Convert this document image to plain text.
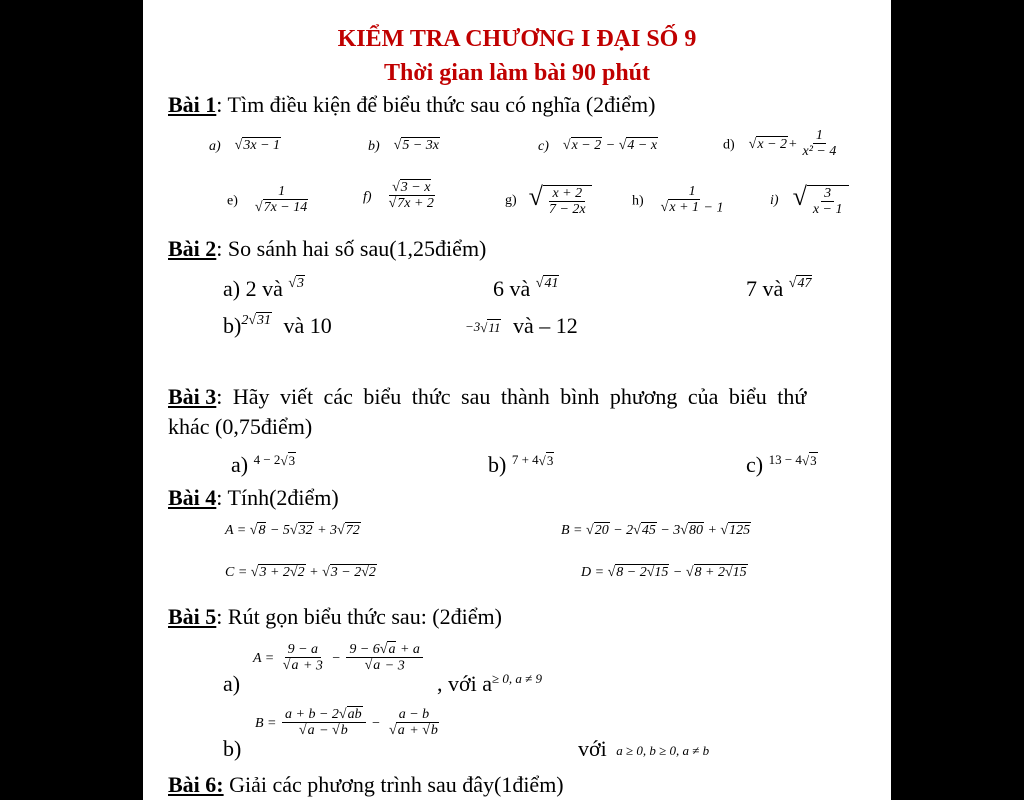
KIỂM TRA CHƯƠNG I ĐẠI SỐ 9
Thời gian làm bài 90 phút
Bài 1: Tìm điều kiện để biểu thức sau có nghĩa (2điểm)
a) √3x − 1	b) √5 − 3x	c) √x − 2 − √4 − x	d) $√x - 2+ \frac{1}{\text{x² − 4}}$
$e) \frac{1}{√7x - 14}$	$f) \frac{√3 - x}{√7x + 2}$	g) √ $\frac{x + 2}{7 - 2x}$	$h) \frac{1}{√x + 1 - 1}$	i) √ $\frac{3}{x - 1}$
Bài 2: So sánh hai số sau(1,25điểm)
a) 2 và √3	6 và √41	7 và √47
b)2√31 và 10	−3√11 và – 12
Bài 3: Hãy viết các biểu thức sau thành bình phương của biểu thứ
khác (0,75điểm)
a) 4 − 2√3	b) 7 + 4√3	c) 13 − 4√3
Bài 4: Tính(2điểm)
A = √8 − 5√32 + 3√72	B = √20 − 2√45 − 3√80 + √125
C = √3 + 2√2 + √3 − 2√2	D = √8 − 2√15 − √8 + 2√15
Bài 5: Rút gọn biểu thức sau: (2điểm)
a)
$A = \frac{9 - a}{√a + 3} - \frac{9 - 6√a + a}{√a - 3}$
, với a≥ 0, a ≠ 9
b)
$B = \frac{a + b - 2√ab}{√a - √b} - \frac{a - b}{√a + √b}$
với a ≥ 0, b ≥ 0, a ≠ b
Bài 6: Giải các phương trình sau đây(1điểm)
